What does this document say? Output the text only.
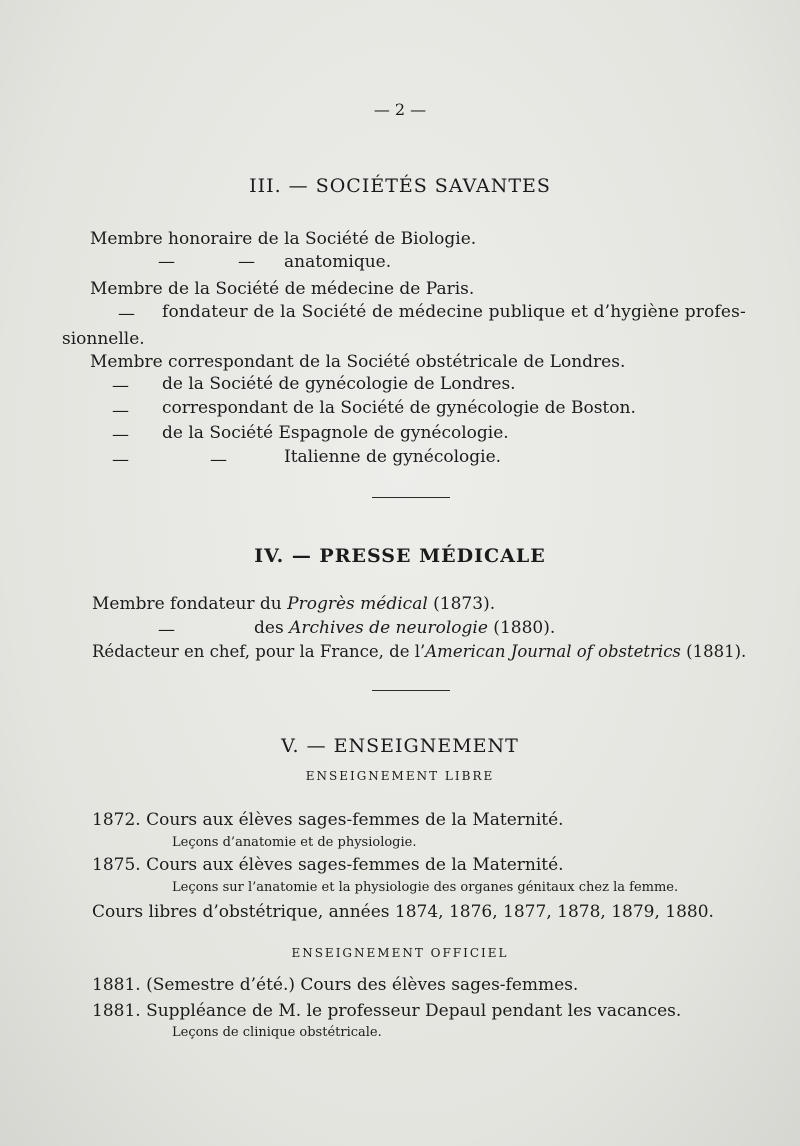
— 2 —
III. — SOCIÉTÉS SAVANTES
Membre honoraire de la Société de Biologie.
—	— anatomique.
Membre de la Société de médecine de Paris.
— fondateur de la Société de médecine publique et d’hygiène profes-
sionnelle.
Membre correspondant de la Société obstétricale de Londres.
— de la Société de gynécologie de Londres.
— correspondant de la Société de gynécologie de Boston.
— de la Société Espagnole de gynécologie.
—	—	Italienne de gynécologie.
IV. — PRESSE MÉDICALE
Membre fondateur du Progrès médical (1873).
—	des Archives de neurologie (1880).
Rédacteur en chef, pour la France, de l’American Journal of obstetrics (1881).
V. — ENSEIGNEMENT
ENSEIGNEMENT LIBRE
1872. Cours aux élèves sages-femmes de la Maternité.
Leçons d’anatomie et de physiologie.
1875. Cours aux élèves sages-femmes de la Maternité.
Leçons sur l’anatomie et la physiologie des organes génitaux chez la femme.
Cours libres d’obstétrique, années 1874, 1876, 1877, 1878, 1879, 1880.
ENSEIGNEMENT OFFICIEL
1881. (Semestre d’été.) Cours des élèves sages-femmes.
1881. Suppléance de M. le professeur Depaul pendant les vacances.
Leçons de clinique obstétricale.
